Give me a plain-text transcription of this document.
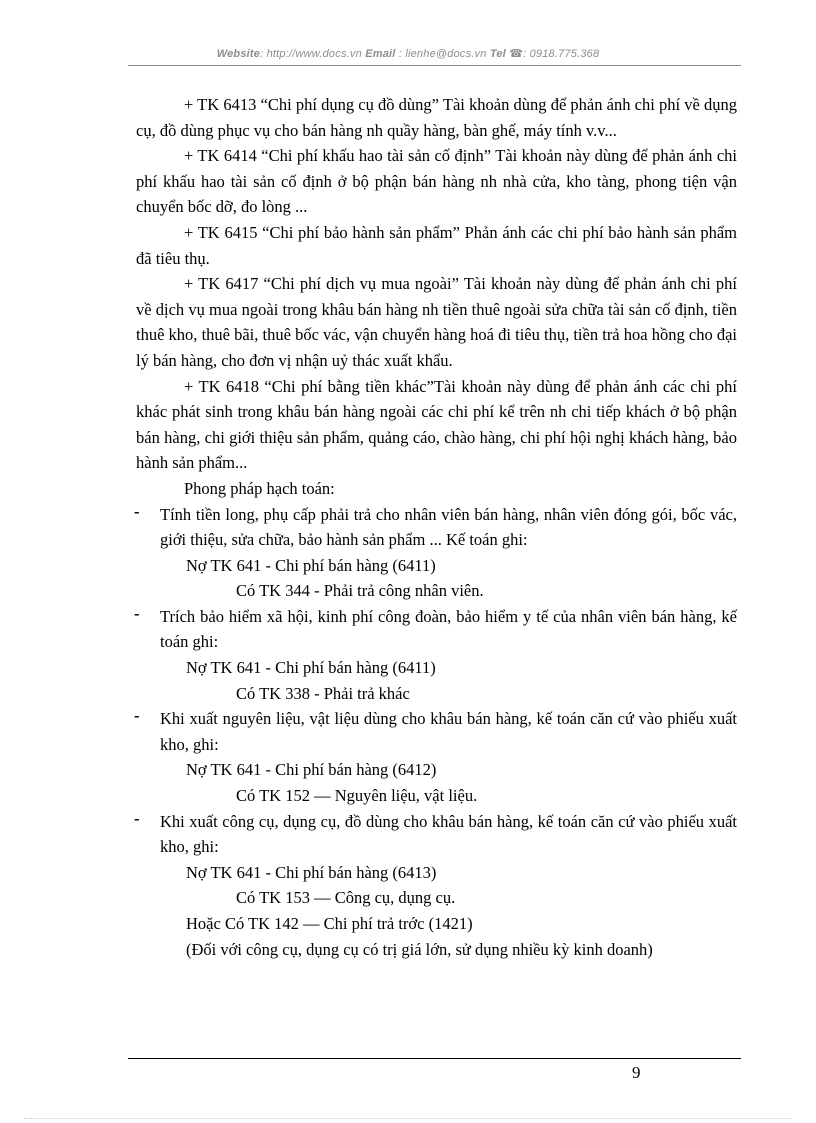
Website: http://www.docs.vn Email : lienhe@docs.vn Tel ☎: 0918.775.368

+ TK 6413 “Chi phí dụng cụ đồ dùng” Tài khoản dùng để phản ánh chi phí về dụng cụ, đồ dùng phục vụ cho bán hàng nh quầy hàng, bàn ghế, máy tính v.v...

+ TK 6414 “Chi phí khấu hao tài sản cố định” Tài khoản này dùng để phản ánh chi phí khấu hao tài sản cố định ở bộ phận bán hàng nh nhà cửa, kho tàng, phong tiện vận chuyển bốc dỡ, đo lòng ...

+ TK 6415 “Chi phí bảo hành sản phẩm” Phản ánh các chi phí bảo hành sản phẩm đã tiêu thụ.

+ TK 6417 “Chi phí dịch vụ mua ngoài” Tài khoản này dùng để phản ánh chi phí về dịch vụ mua ngoài trong khâu bán hàng nh tiền thuê ngoài sửa chữa tài sản cố định, tiền thuê kho, thuê bãi, thuê bốc vác, vận chuyển hàng hoá đi tiêu thụ, tiền trả hoa hồng cho đại lý bán hàng, cho đơn vị nhận uỷ thác xuất khẩu.

+ TK 6418 “Chi phí bằng tiền khác”Tài khoản này dùng để phản ánh các chi phí khác phát sinh trong khâu bán hàng ngoài các chi phí kể trên nh chi tiếp khách ở bộ phận bán hàng, chi giới thiệu sản phẩm, quảng cáo, chào hàng, chi phí hội nghị khách hàng, bảo hành sản phẩm...

Phong pháp hạch toán:

- Tính tiền long, phụ cấp phải trả cho nhân viên bán hàng, nhân viên đóng gói, bốc vác, giới thiệu, sửa chữa, bảo hành sản phẩm ... Kế toán ghi:

Nợ TK 641 - Chi phí bán hàng (6411)

Có TK 344 - Phải trả công nhân viên.

- Trích bảo hiểm xã hội, kinh phí công đoàn, bảo hiểm y tế của nhân viên bán hàng, kế toán ghi:

Nợ TK 641 - Chi phí bán hàng (6411)

Có TK 338 - Phải trả khác

- Khi xuất nguyên liệu, vật liệu dùng cho khâu bán hàng, kế toán căn cứ vào phiếu xuất kho, ghi:

Nợ TK 641 - Chi phí bán hàng (6412)

Có TK 152 — Nguyên liệu, vật liệu.

- Khi xuất công cụ, dụng cụ, đồ dùng cho khâu bán hàng, kế toán căn cứ vào phiếu xuất kho, ghi:

Nợ TK 641 - Chi phí bán hàng (6413)

Có TK 153 — Công cụ, dụng cụ.

Hoặc Có TK 142 — Chi phí trả trớc (1421)

(Đối với công cụ, dụng cụ có trị giá lớn, sử dụng nhiều kỳ kinh doanh)

9
